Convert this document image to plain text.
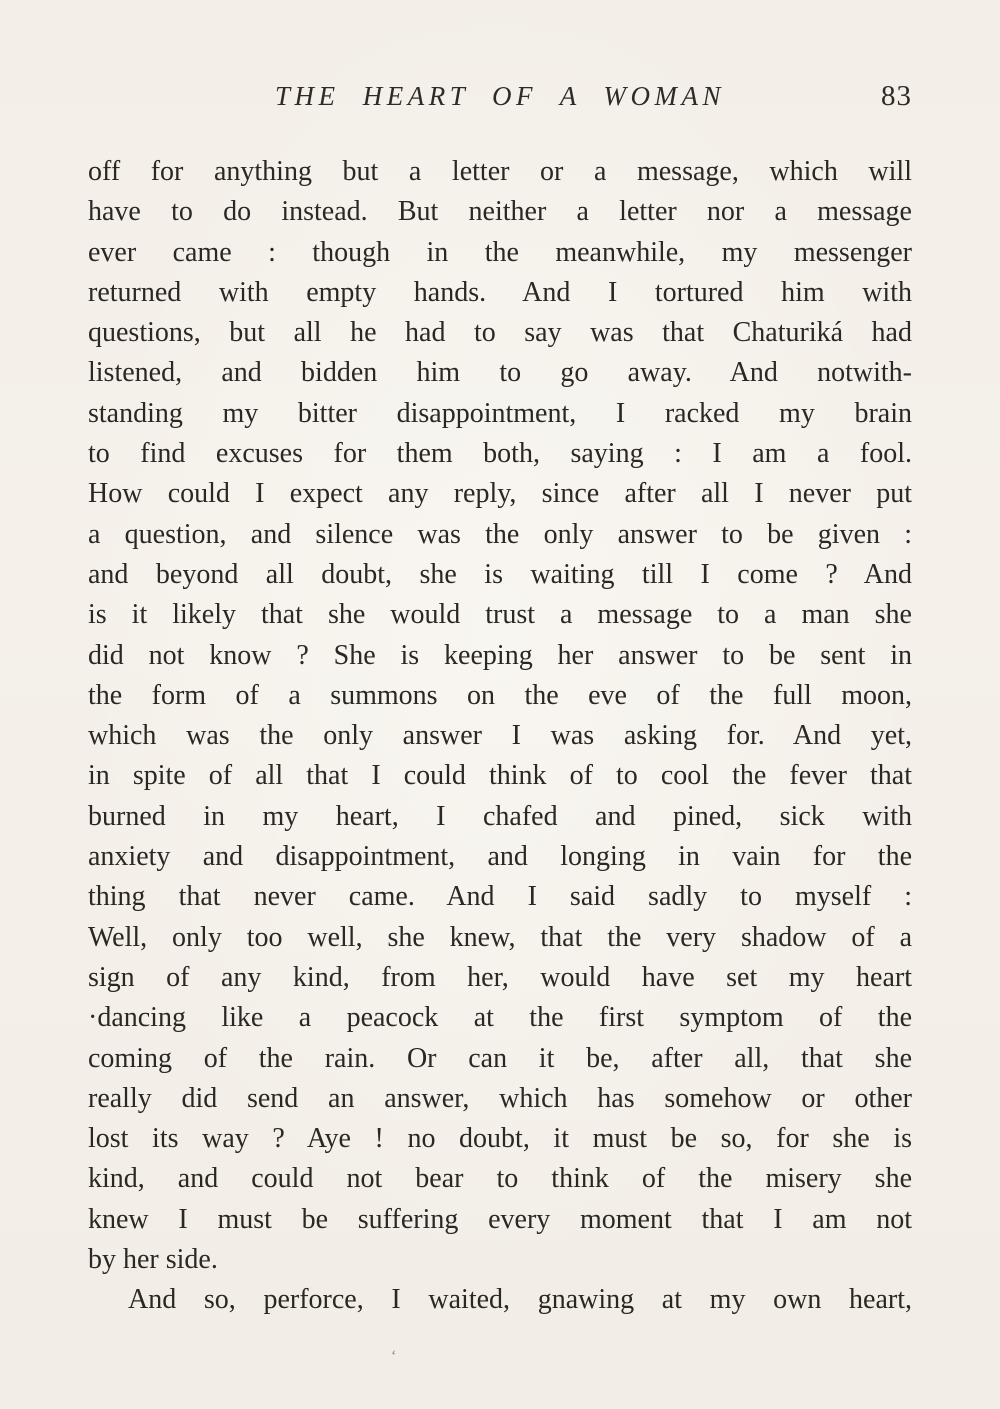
THE HEART OF A WOMAN	83
off for anything but a letter or a message, which will
have to do instead. But neither a letter nor a message
ever came : though in the meanwhile, my messenger
returned with empty hands. And I tortured him with
questions, but all he had to say was that Chaturiká had
listened, and bidden him to go away. And notwith-
standing my bitter disappointment, I racked my brain
to find excuses for them both, saying : I am a fool.
How could I expect any reply, since after all I never put
a question, and silence was the only answer to be given :
and beyond all doubt, she is waiting till I come ? And
is it likely that she would trust a message to a man she
did not know ? She is keeping her answer to be sent in
the form of a summons on the eve of the full moon,
which was the only answer I was asking for. And yet,
in spite of all that I could think of to cool the fever that
burned in my heart, I chafed and pined, sick with
anxiety and disappointment, and longing in vain for the
thing that never came. And I said sadly to myself :
Well, only too well, she knew, that the very shadow of a
sign of any kind, from her, would have set my heart
·dancing like a peacock at the first symptom of the
coming of the rain. Or can it be, after all, that she
really did send an answer, which has somehow or other
lost its way ? Aye ! no doubt, it must be so, for she is
kind, and could not bear to think of the misery she
knew I must be suffering every moment that I am not
by her side.
And so, perforce, I waited, gnawing at my own heart,
‘
